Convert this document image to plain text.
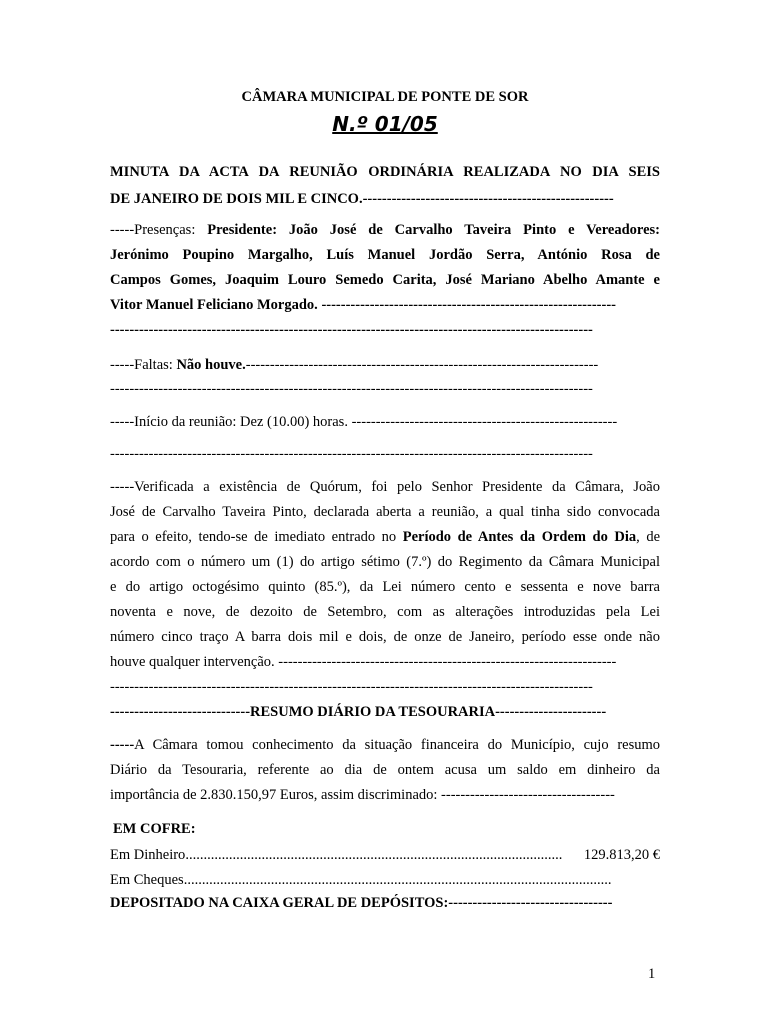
CÂMARA MUNICIPAL DE PONTE DE SOR
N.º 01/05
MINUTA DA ACTA DA REUNIÃO ORDINÁRIA REALIZADA NO DIA SEIS
DE JANEIRO DE DOIS MIL E CINCO.----------------------------------------------------
-----Presenças: Presidente: João José de Carvalho Taveira Pinto e Vereadores:
Jerónimo Poupino Margalho, Luís Manuel Jordão Serra, António Rosa de
Campos Gomes, Joaquim Louro Semedo Carita, José Mariano Abelho Amante e
Vitor Manuel Feliciano Morgado. -------------------------------------------------------------
----------------------------------------------------------------------------------------------------
-----Faltas: Não houve.-------------------------------------------------------------------------
----------------------------------------------------------------------------------------------------
-----Início da reunião: Dez (10.00) horas. -------------------------------------------------------
----------------------------------------------------------------------------------------------------
-----Verificada a existência de Quórum, foi pelo Senhor Presidente da Câmara, João
José de Carvalho Taveira Pinto, declarada aberta a reunião, a qual tinha sido convocada
para o efeito, tendo-se de imediato entrado no Período de Antes da Ordem do Dia, de
acordo com o número um (1) do artigo sétimo (7.º) do Regimento da Câmara Municipal
e do artigo octogésimo quinto (85.º), da Lei número cento e sessenta e nove barra
noventa e nove, de dezoito de Setembro, com as alterações introduzidas pela Lei
número cinco traço A barra dois mil e dois, de onze de Janeiro, período esse onde não
houve qualquer intervenção. ----------------------------------------------------------------------
----------------------------------------------------------------------------------------------------
-----------------------------RESUMO DIÁRIO DA TESOURARIA-----------------------
-----A Câmara tomou conhecimento da situação financeira do Município, cujo resumo
Diário da Tesouraria, referente ao dia de ontem acusa um saldo em dinheiro da
importância de 2.830.150,97 Euros, assim discriminado: ------------------------------------
EM COFRE:
Em Dinheiro........................................................................................................ 129.813,20 €
Em Cheques......................................................................................................................
DEPOSITADO NA CAIXA GERAL DE DEPÓSITOS:----------------------------------
1
